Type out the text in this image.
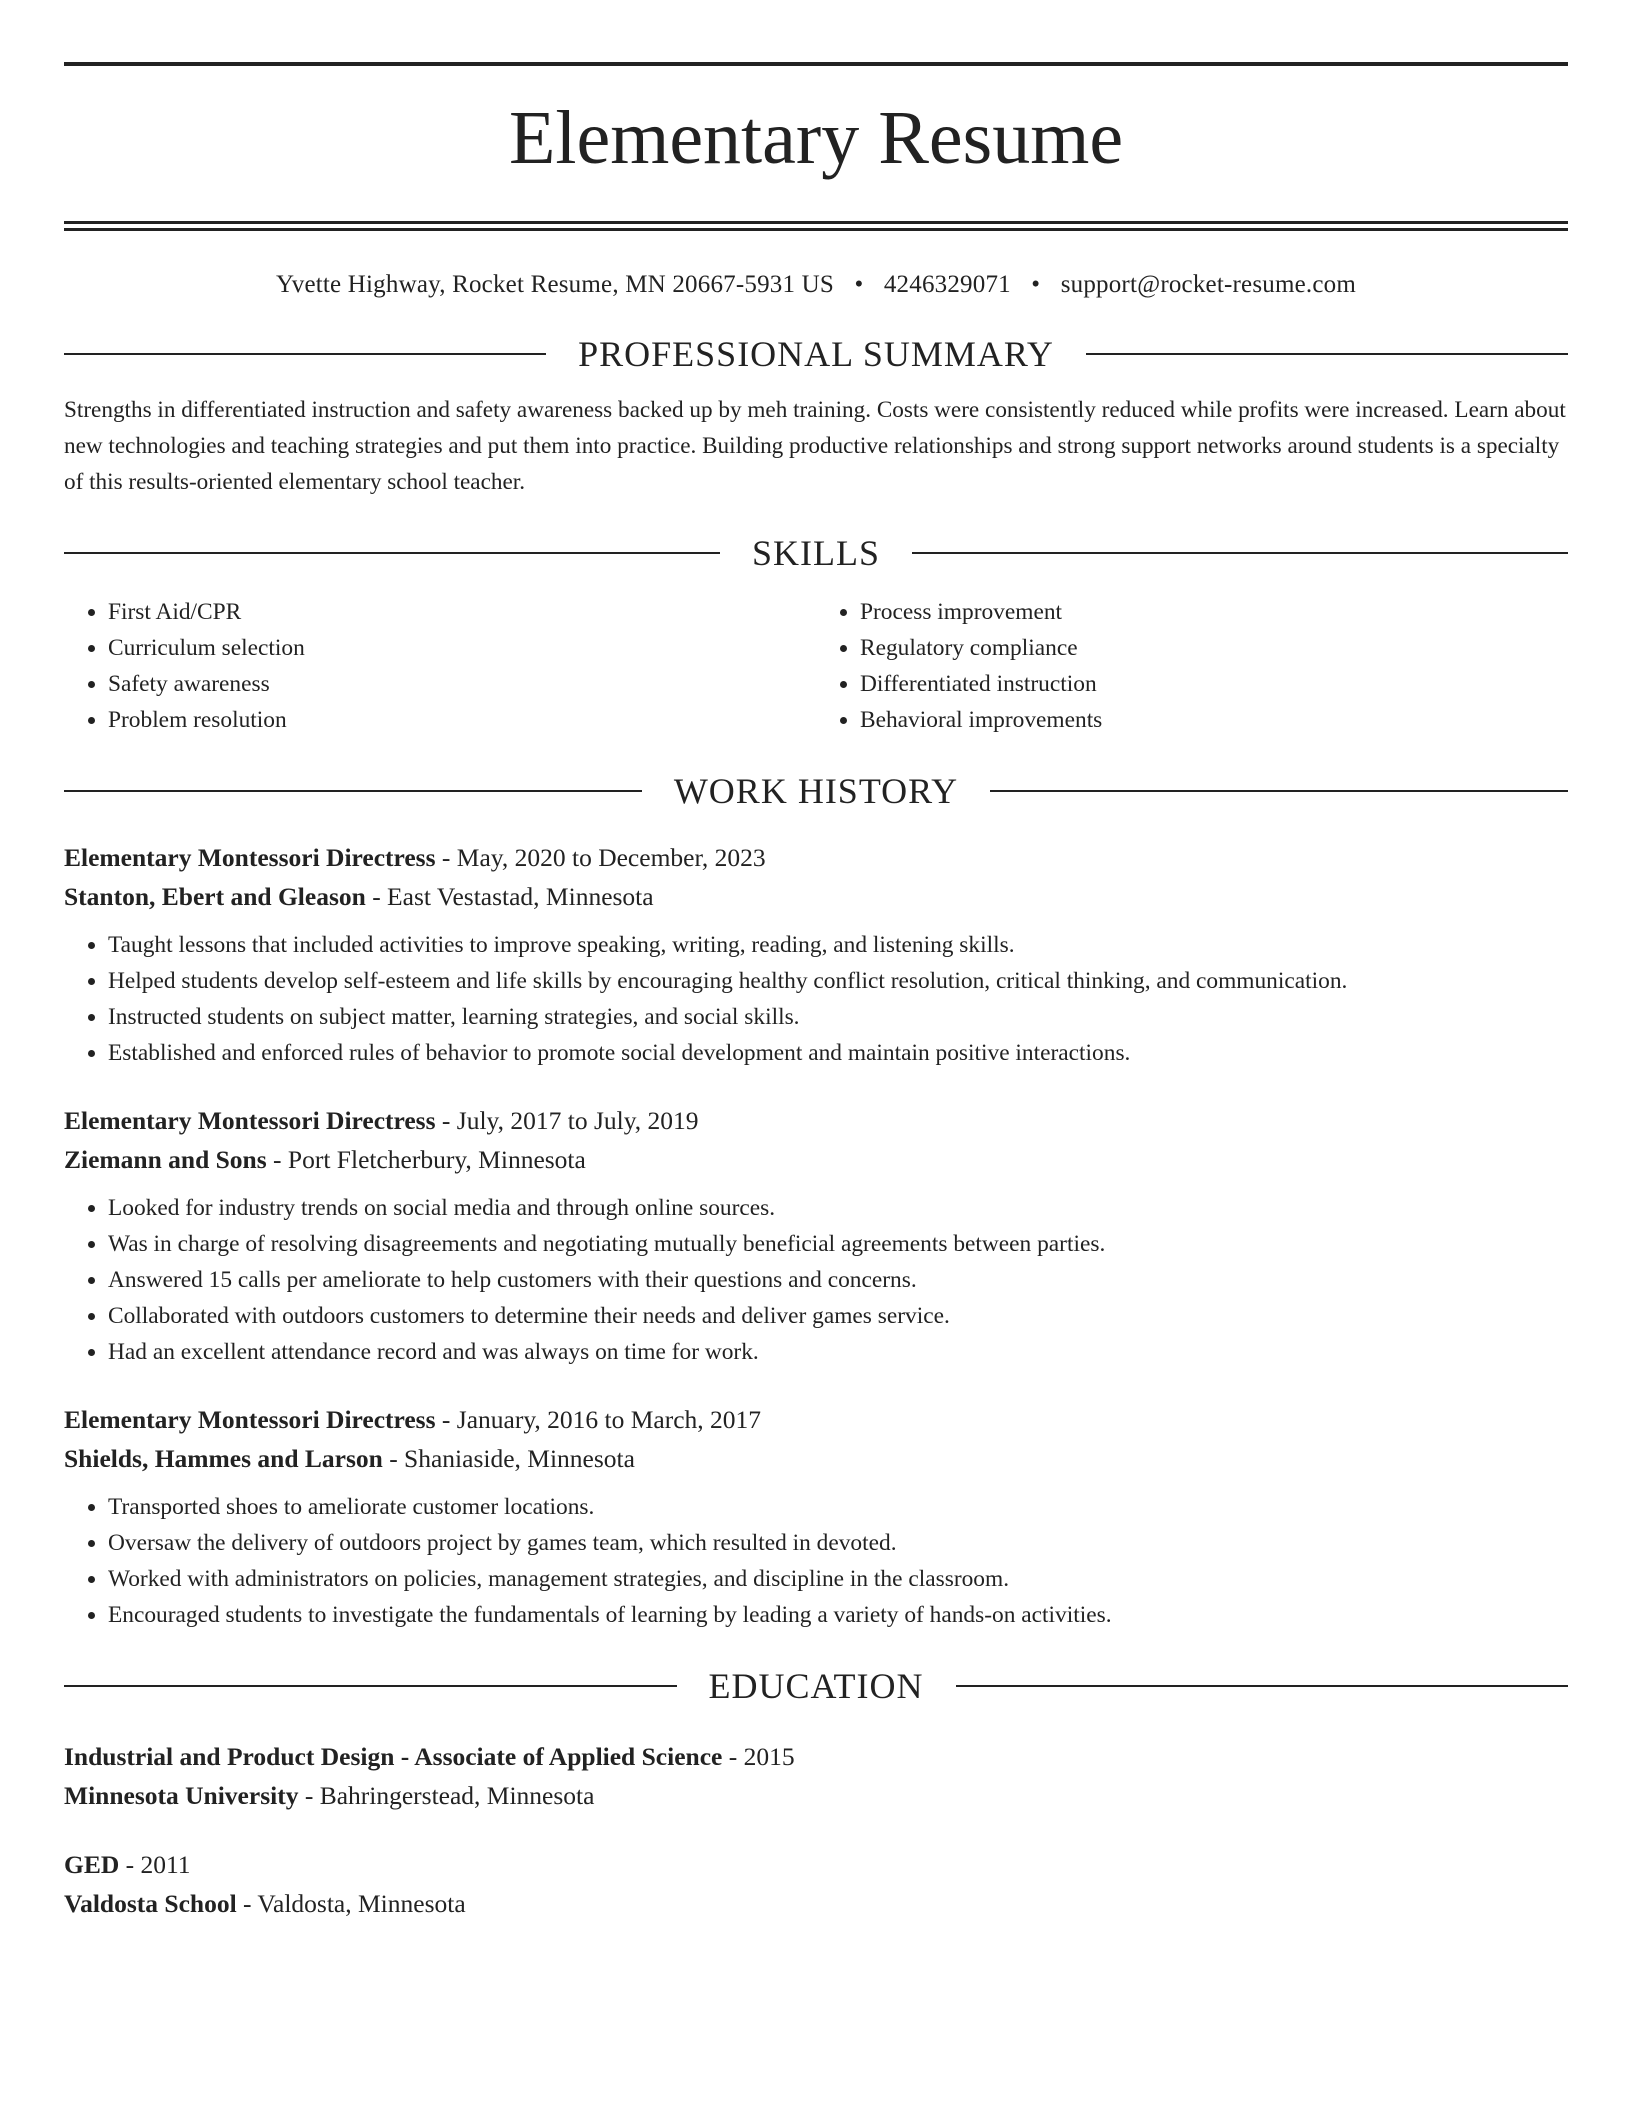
Elementary Resume
Yvette Highway, Rocket Resume, MN 20667-5931 US • 4246329071 • support@rocket-resume.com
PROFESSIONAL SUMMARY
Strengths in differentiated instruction and safety awareness backed up by meh training. Costs were consistently reduced while profits were increased. Learn about new technologies and teaching strategies and put them into practice. Building productive relationships and strong support networks around students is a specialty of this results-oriented elementary school teacher.
SKILLS
• First Aid/CPR
• Curriculum selection
• Safety awareness
• Problem resolution
• Process improvement
• Regulatory compliance
• Differentiated instruction
• Behavioral improvements
WORK HISTORY
Elementary Montessori Directress - May, 2020 to December, 2023
Stanton, Ebert and Gleason - East Vestastad, Minnesota
• Taught lessons that included activities to improve speaking, writing, reading, and listening skills.
• Helped students develop self-esteem and life skills by encouraging healthy conflict resolution, critical thinking, and communication.
• Instructed students on subject matter, learning strategies, and social skills.
• Established and enforced rules of behavior to promote social development and maintain positive interactions.
Elementary Montessori Directress - July, 2017 to July, 2019
Ziemann and Sons - Port Fletcherbury, Minnesota
• Looked for industry trends on social media and through online sources.
• Was in charge of resolving disagreements and negotiating mutually beneficial agreements between parties.
• Answered 15 calls per ameliorate to help customers with their questions and concerns.
• Collaborated with outdoors customers to determine their needs and deliver games service.
• Had an excellent attendance record and was always on time for work.
Elementary Montessori Directress - January, 2016 to March, 2017
Shields, Hammes and Larson - Shaniaside, Minnesota
• Transported shoes to ameliorate customer locations.
• Oversaw the delivery of outdoors project by games team, which resulted in devoted.
• Worked with administrators on policies, management strategies, and discipline in the classroom.
• Encouraged students to investigate the fundamentals of learning by leading a variety of hands-on activities.
EDUCATION
Industrial and Product Design - Associate of Applied Science - 2015
Minnesota University - Bahringerstead, Minnesota
GED - 2011
Valdosta School - Valdosta, Minnesota
